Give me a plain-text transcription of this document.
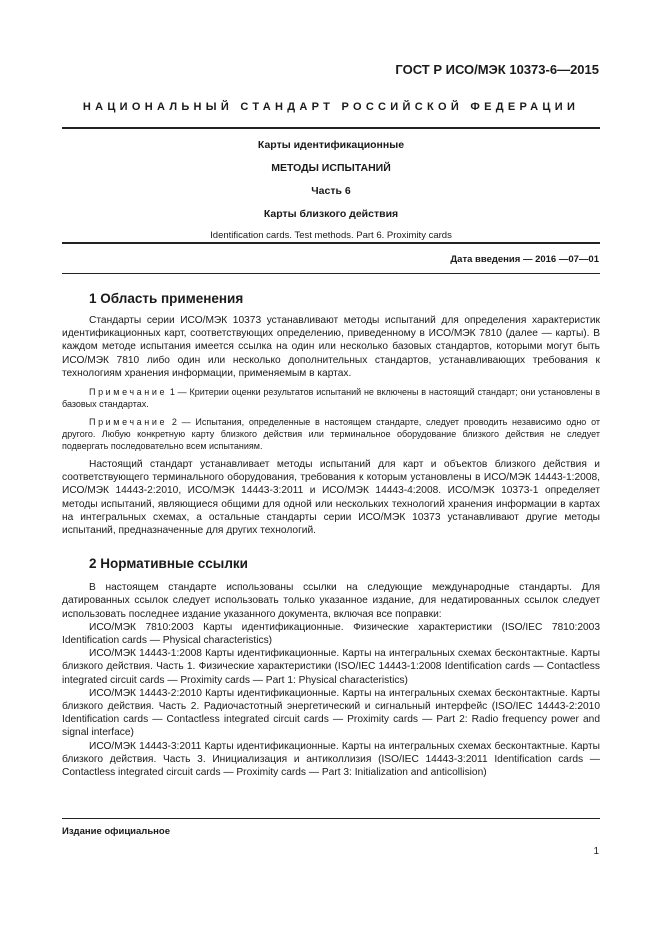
ГОСТ Р ИСО/МЭК 10373-6—2015
НАЦИОНАЛЬНЫЙ СТАНДАРТ РОССИЙСКОЙ ФЕДЕРАЦИИ

Карты идентификационные

МЕТОДЫ ИСПЫТАНИЙ

Часть 6

Карты близкого действия

Identification cards. Test methods. Part 6. Proximity cards

Дата введения — 2016 —07—01
1 Область применения

Стандарты серии ИСО/МЭК 10373 устанавливают методы испытаний для определения характеристик идентификационных карт, соответствующих определению, приведенному в ИСО/МЭК 7810 (далее — карты). В каждом методе испытания имеется ссылка на один или несколько базовых стандартов, которыми могут быть ИСО/МЭК 7810 либо один или несколько дополнительных стандартов, устанавливающих требования к технологиям хранения информации, применяемым в картах.

Примечание 1 — Критерии оценки результатов испытаний не включены в настоящий стандарт; они установлены в базовых стандартах.

Примечание 2 — Испытания, определенные в настоящем стандарте, следует проводить независимо одно от другого. Любую конкретную карту близкого действия или терминальное оборудование близкого действия не следует подвергать последовательно всем испытаниям.

Настоящий стандарт устанавливает методы испытаний для карт и объектов близкого действия и соответствующего терминального оборудования, требования к которым установлены в ИСО/МЭК 14443-1:2008, ИСО/МЭК 14443-2:2010, ИСО/МЭК 14443-3:2011 и ИСО/МЭК 14443-4:2008. ИСО/МЭК 10373-1 определяет методы испытаний, являющиеся общими для одной или нескольких технологий хранения информации в картах на интегральных схемах, а остальные стандарты серии ИСО/МЭК 10373 устанавливают другие методы испытаний, предназначенные для других технологий.

2 Нормативные ссылки

В настоящем стандарте использованы ссылки на следующие международные стандарты. Для датированных ссылок следует использовать только указанное издание, для недатированных ссылок следует использовать последнее издание указанного документа, включая все поправки:

ИСО/МЭК 7810:2003 Карты идентификационные. Физические характеристики (ISO/IEC 7810:2003 Identification cards — Physical characteristics)

ИСО/МЭК 14443-1:2008 Карты идентификационные. Карты на интегральных схемах бесконтактные. Карты близкого действия. Часть 1. Физические характеристики (ISO/IEC 14443-1:2008 Identification cards — Contactless integrated circuit cards — Proximity cards — Part 1: Physical characteristics)

ИСО/МЭК 14443-2:2010 Карты идентификационные. Карты на интегральных схемах бесконтактные. Карты близкого действия. Часть 2. Радиочастотный энергетический и сигнальный интерфейс (ISO/IEC 14443-2:2010 Identification cards — Contactless integrated circuit cards — Proximity cards — Part 2: Radio frequency power and signal interface)

ИСО/МЭК 14443-3:2011 Карты идентификационные. Карты на интегральных схемах бесконтактные. Карты близкого действия. Часть 3. Инициализация и антиколлизия (ISO/IEC 14443-3:2011 Identification cards — Contactless integrated circuit cards — Proximity cards — Part 3: Initialization and anticollision)

Издание официальное
1
